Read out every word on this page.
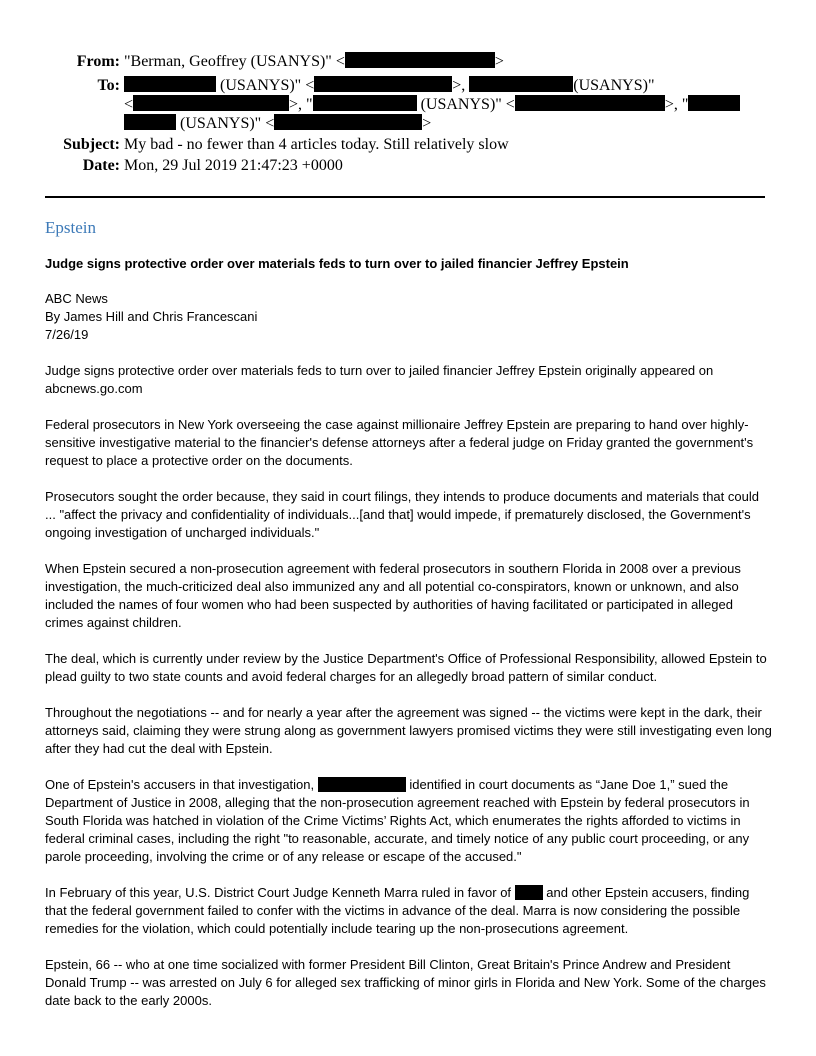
From: "Berman, Geoffrey (USANYS)" <	>
To:	(USANYS)" <	>,	(USANYS)"
<	>, "	(USANYS)" <	>, "
(USANYS)" <	>
Subject: My bad - no fewer than 4 articles today. Still relatively slow
Date: Mon, 29 Jul 2019 21:47:23 +0000
Epstein
Judge signs protective order over materials feds to turn over to jailed financier Jeffrey Epstein

ABC News

By James Hill and Chris Francescani

7/26/19

Judge signs protective order over materials feds to turn over to jailed financier Jeffrey Epstein originally appeared on abcnews.go.com

Federal prosecutors in New York overseeing the case against millionaire Jeffrey Epstein are preparing to hand over highly-sensitive investigative material to the financier's defense attorneys after a federal judge on Friday granted the government's request to place a protective order on the documents.

Prosecutors sought the order because, they said in court filings, they intends to produce documents and materials that could ... "affect the privacy and confidentiality of individuals...[and that] would impede, if prematurely disclosed, the Government's ongoing investigation of uncharged individuals."

When Epstein secured a non-prosecution agreement with federal prosecutors in southern Florida in 2008 over a previous investigation, the much-criticized deal also immunized any and all potential co-conspirators, known or unknown, and also included the names of four women who had been suspected by authorities of having facilitated or participated in alleged crimes against children.

The deal, which is currently under review by the Justice Department's Office of Professional Responsibility, allowed Epstein to plead guilty to two state counts and avoid federal charges for an allegedly broad pattern of similar conduct.

Throughout the negotiations -- and for nearly a year after the agreement was signed -- the victims were kept in the dark, their attorneys said, claiming they were strung along as government lawyers promised victims they were still investigating even long after they had cut the deal with Epstein.

One of Epstein's accusers in that investigation,	identified in court documents as “Jane Doe 1,” sued the Department of Justice in 2008, alleging that the non-prosecution agreement reached with Epstein by federal prosecutors in South Florida was hatched in violation of the Crime Victims’ Rights Act, which enumerates the rights afforded to victims in federal criminal cases, including the right "to reasonable, accurate, and timely notice of any public court proceeding, or any parole proceeding, involving the crime or of any release or escape of the accused."

In February of this year, U.S. District Court Judge Kenneth Marra ruled in favor of  and other Epstein accusers, finding that the federal government failed to confer with the victims in advance of the deal. Marra is now considering the possible remedies for the violation, which could potentially include tearing up the non-prosecutions agreement.

Epstein, 66 -- who at one time socialized with former President Bill Clinton, Great Britain's Prince Andrew and President Donald Trump -- was arrested on July 6 for alleged sex trafficking of minor girls in Florida and New York. Some of the charges date back to the early 2000s.
